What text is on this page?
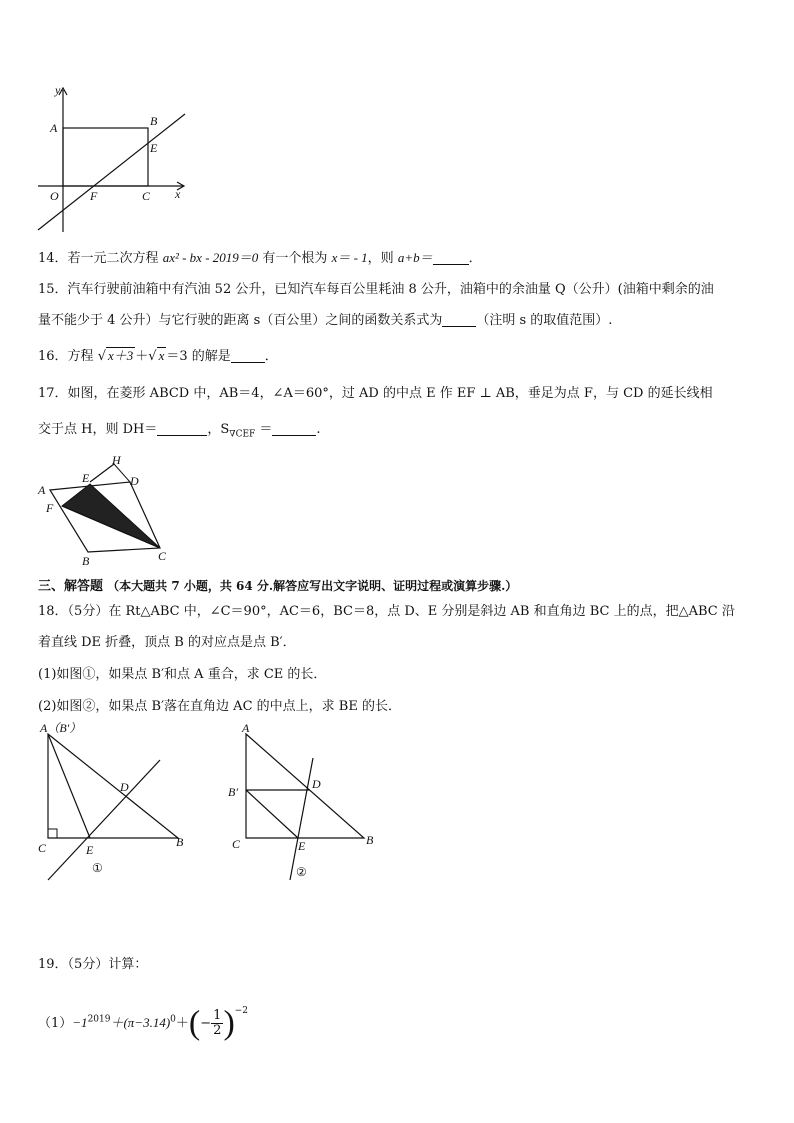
y
A	B
E
O	F	C x
14．若一元二次方程 ax² - bx - 2019＝0 有一个根为 x＝ - 1，则 a+b＝	．
15．汽车行驶前油箱中有汽油 52 公升，已知汽车每百公里耗油 8 公升，油箱中的余油量 Q（公升）(油箱中剩余的油
量不能少于 4 公升）与它行驶的距离 s（百公里）之间的函数关系式为	（注明 s 的取值范围）.
16．方程 √ x＋3 ＋√ x ＝3 的解是	．
17．如图，在菱形 ABCD 中，AB＝4，∠A＝60°，过 AD 的中点 E 作 EF ⊥ AB，垂足为点 F，与 CD 的延长线相
交于点 H，则 DH＝	，$S_{\nabla CEF}$ ＝	.
A
E
H
D
F
B	C
三、解答题 （本大题共 7 小题，共 64 分.解答应写出文字说明、证明过程或演算步骤.）
18．（5分）在 Rt△ABC 中，∠C＝90°，AC＝6，BC＝8，点 D、E 分别是斜边 AB 和直角边 BC 上的点，把△ABC 沿
着直线 DE 折叠，顶点 B 的对应点是点 B′．
(1)如图①，如果点 B′和点 A 重合，求 CE 的长．
(2)如图②，如果点 B′落在直角边 AC 的中点上，求 BE 的长．
A（B′）
D
C	E
B
①
A
B′
D
C	E	B
②
19．（5分）计算：
$(1)-1^{2019}+(\pi-3.14)^0+(- \frac{1}{2} )^{-2}$
